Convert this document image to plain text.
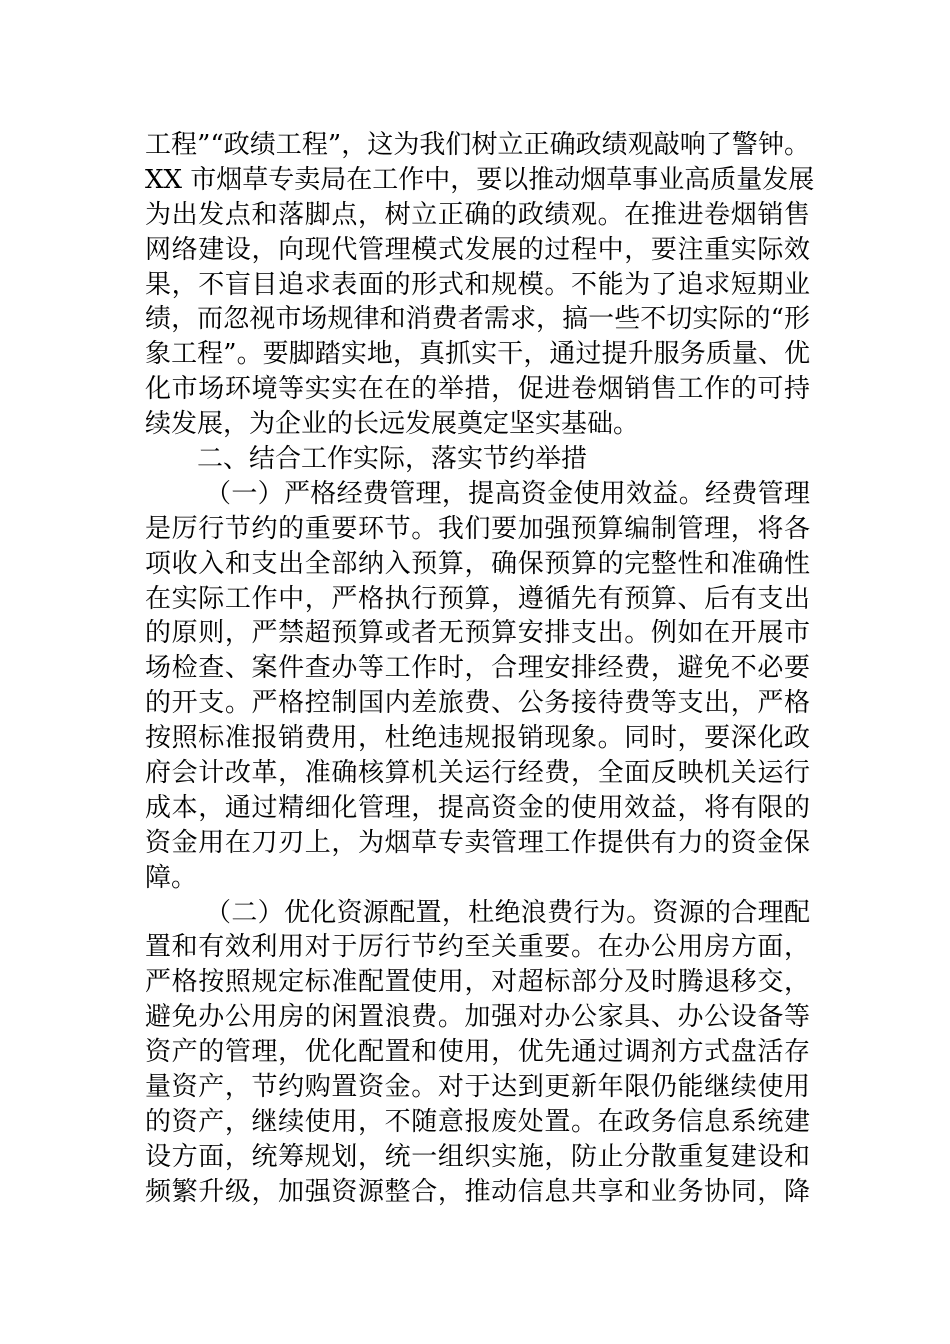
工程”“政绩工程”，这为我们树立正确政绩观敲响了警钟。
XX 市烟草专卖局在工作中，要以推动烟草事业高质量发展
为出发点和落脚点，树立正确的政绩观。在推进卷烟销售
网络建设，向现代管理模式发展的过程中，要注重实际效
果，不盲目追求表面的形式和规模。不能为了追求短期业
绩，而忽视市场规律和消费者需求，搞一些不切实际的“形
象工程”。要脚踏实地，真抓实干，通过提升服务质量、优
化市场环境等实实在在的举措，促进卷烟销售工作的可持
续发展，为企业的长远发展奠定坚实基础。
二、结合工作实际，落实节约举措
（一）严格经费管理，提高资金使用效益。经费管理
是厉行节约的重要环节。我们要加强预算编制管理，将各
项收入和支出全部纳入预算，确保预算的完整性和准确性
在实际工作中，严格执行预算，遵循先有预算、后有支出
的原则，严禁超预算或者无预算安排支出。例如在开展市
场检查、案件查办等工作时，合理安排经费，避免不必要
的开支。严格控制国内差旅费、公务接待费等支出，严格
按照标准报销费用，杜绝违规报销现象。同时，要深化政
府会计改革，准确核算机关运行经费，全面反映机关运行
成本，通过精细化管理，提高资金的使用效益，将有限的
资金用在刀刃上，为烟草专卖管理工作提供有力的资金保
障。
（二）优化资源配置，杜绝浪费行为。资源的合理配
置和有效利用对于厉行节约至关重要。在办公用房方面，
严格按照规定标准配置使用，对超标部分及时腾退移交，
避免办公用房的闲置浪费。加强对办公家具、办公设备等
资产的管理，优化配置和使用，优先通过调剂方式盘活存
量资产，节约购置资金。对于达到更新年限仍能继续使用
的资产，继续使用，不随意报废处置。在政务信息系统建
设方面，统筹规划，统一组织实施，防止分散重复建设和
频繁升级，加强资源整合，推动信息共享和业务协同，降
